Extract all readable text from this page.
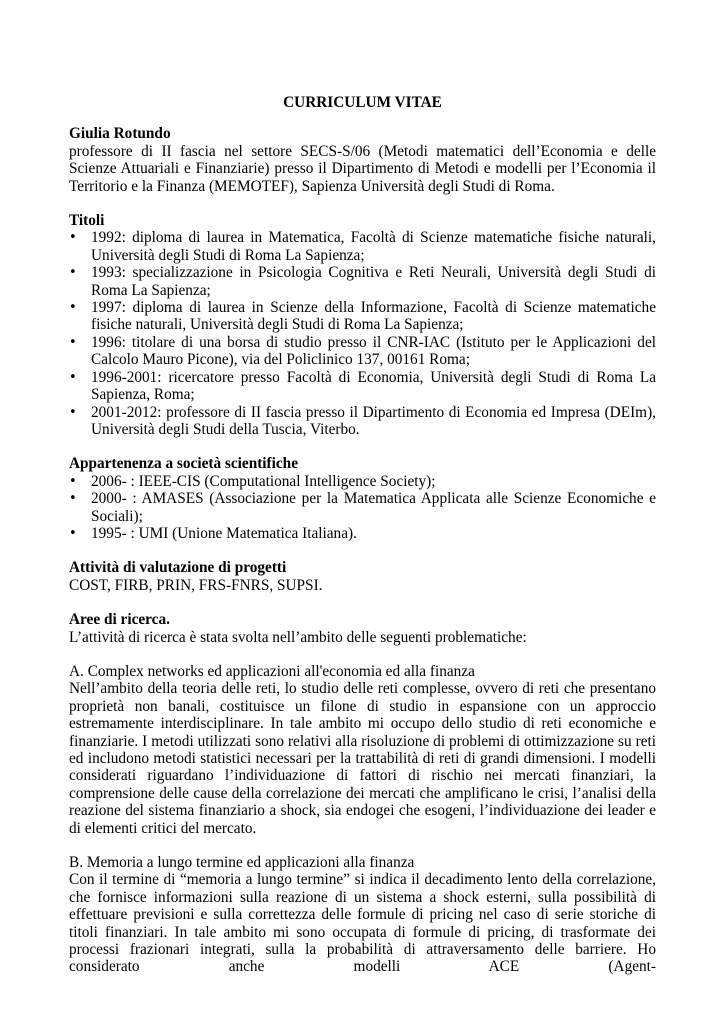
CURRICULUM VITAE
Giulia Rotundo
professore di II fascia nel settore SECS-S/06 (Metodi matematici dell’Economia e delle Scienze Attuariali e Finanziarie) presso il Dipartimento di Metodi e modelli per l’Economia il Territorio e la Finanza (MEMOTEF), Sapienza Università degli Studi di Roma.
Titoli
• 1992: diploma di laurea in Matematica, Facoltà di Scienze matematiche fisiche naturali, Università degli Studi di Roma La Sapienza;
• 1993: specializzazione in Psicologia Cognitiva e Reti Neurali, Università degli Studi di Roma La Sapienza;
• 1997: diploma di laurea in Scienze della Informazione, Facoltà di Scienze matematiche fisiche naturali, Università degli Studi di Roma La Sapienza;
• 1996: titolare di una borsa di studio presso il CNR-IAC (Istituto per le Applicazioni del Calcolo Mauro Picone), via del Policlinico 137, 00161 Roma;
• 1996-2001: ricercatore presso Facoltà di Economia, Università degli Studi di Roma La Sapienza, Roma;
• 2001-2012: professore di II fascia presso il Dipartimento di Economia ed Impresa (DEIm), Università degli Studi della Tuscia, Viterbo.
Appartenenza a società scientifiche
• 2006- : IEEE-CIS (Computational Intelligence Society);
• 2000- : AMASES (Associazione per la Matematica Applicata alle Scienze Economiche e Sociali);
• 1995- : UMI (Unione Matematica Italiana).
Attività di valutazione di progetti
COST, FIRB, PRIN, FRS-FNRS, SUPSI.
Aree di ricerca.
L’attività di ricerca è stata svolta nell’ambito delle seguenti problematiche:
A. Complex networks ed applicazioni all'economia ed alla finanza
Nell’ambito della teoria delle reti, lo studio delle reti complesse, ovvero di reti che presentano proprietà non banali, costituisce un filone di studio in espansione con un approccio estremamente interdisciplinare. In tale ambito mi occupo dello studio di reti economiche e finanziarie. I metodi utilizzati sono relativi alla risoluzione di problemi di ottimizzazione su reti ed includono metodi statistici necessari per la trattabilità di reti di grandi dimensioni. I modelli considerati riguardano l’individuazione di fattori di rischio nei mercati finanziari, la comprensione delle cause della correlazione dei mercati che amplificano le crisi, l’analisi della reazione del sistema finanziario a shock, sia endogei che esogeni, l’individuazione dei leader e di elementi critici del mercato.
B. Memoria a lungo termine ed applicazioni alla finanza
Con il termine di “memoria a lungo termine” si indica il decadimento lento della correlazione, che fornisce informazioni sulla reazione di un sistema a shock esterni, sulla possibilità di effettuare previsioni e sulla correttezza delle formule di pricing nel caso di serie storiche di titoli finanziari. In tale ambito mi sono occupata di formule di pricing, di trasformate dei processi frazionari integrati, sulla la probabilità di attraversamento delle barriere. Ho considerato anche modelli ACE (Agent-
